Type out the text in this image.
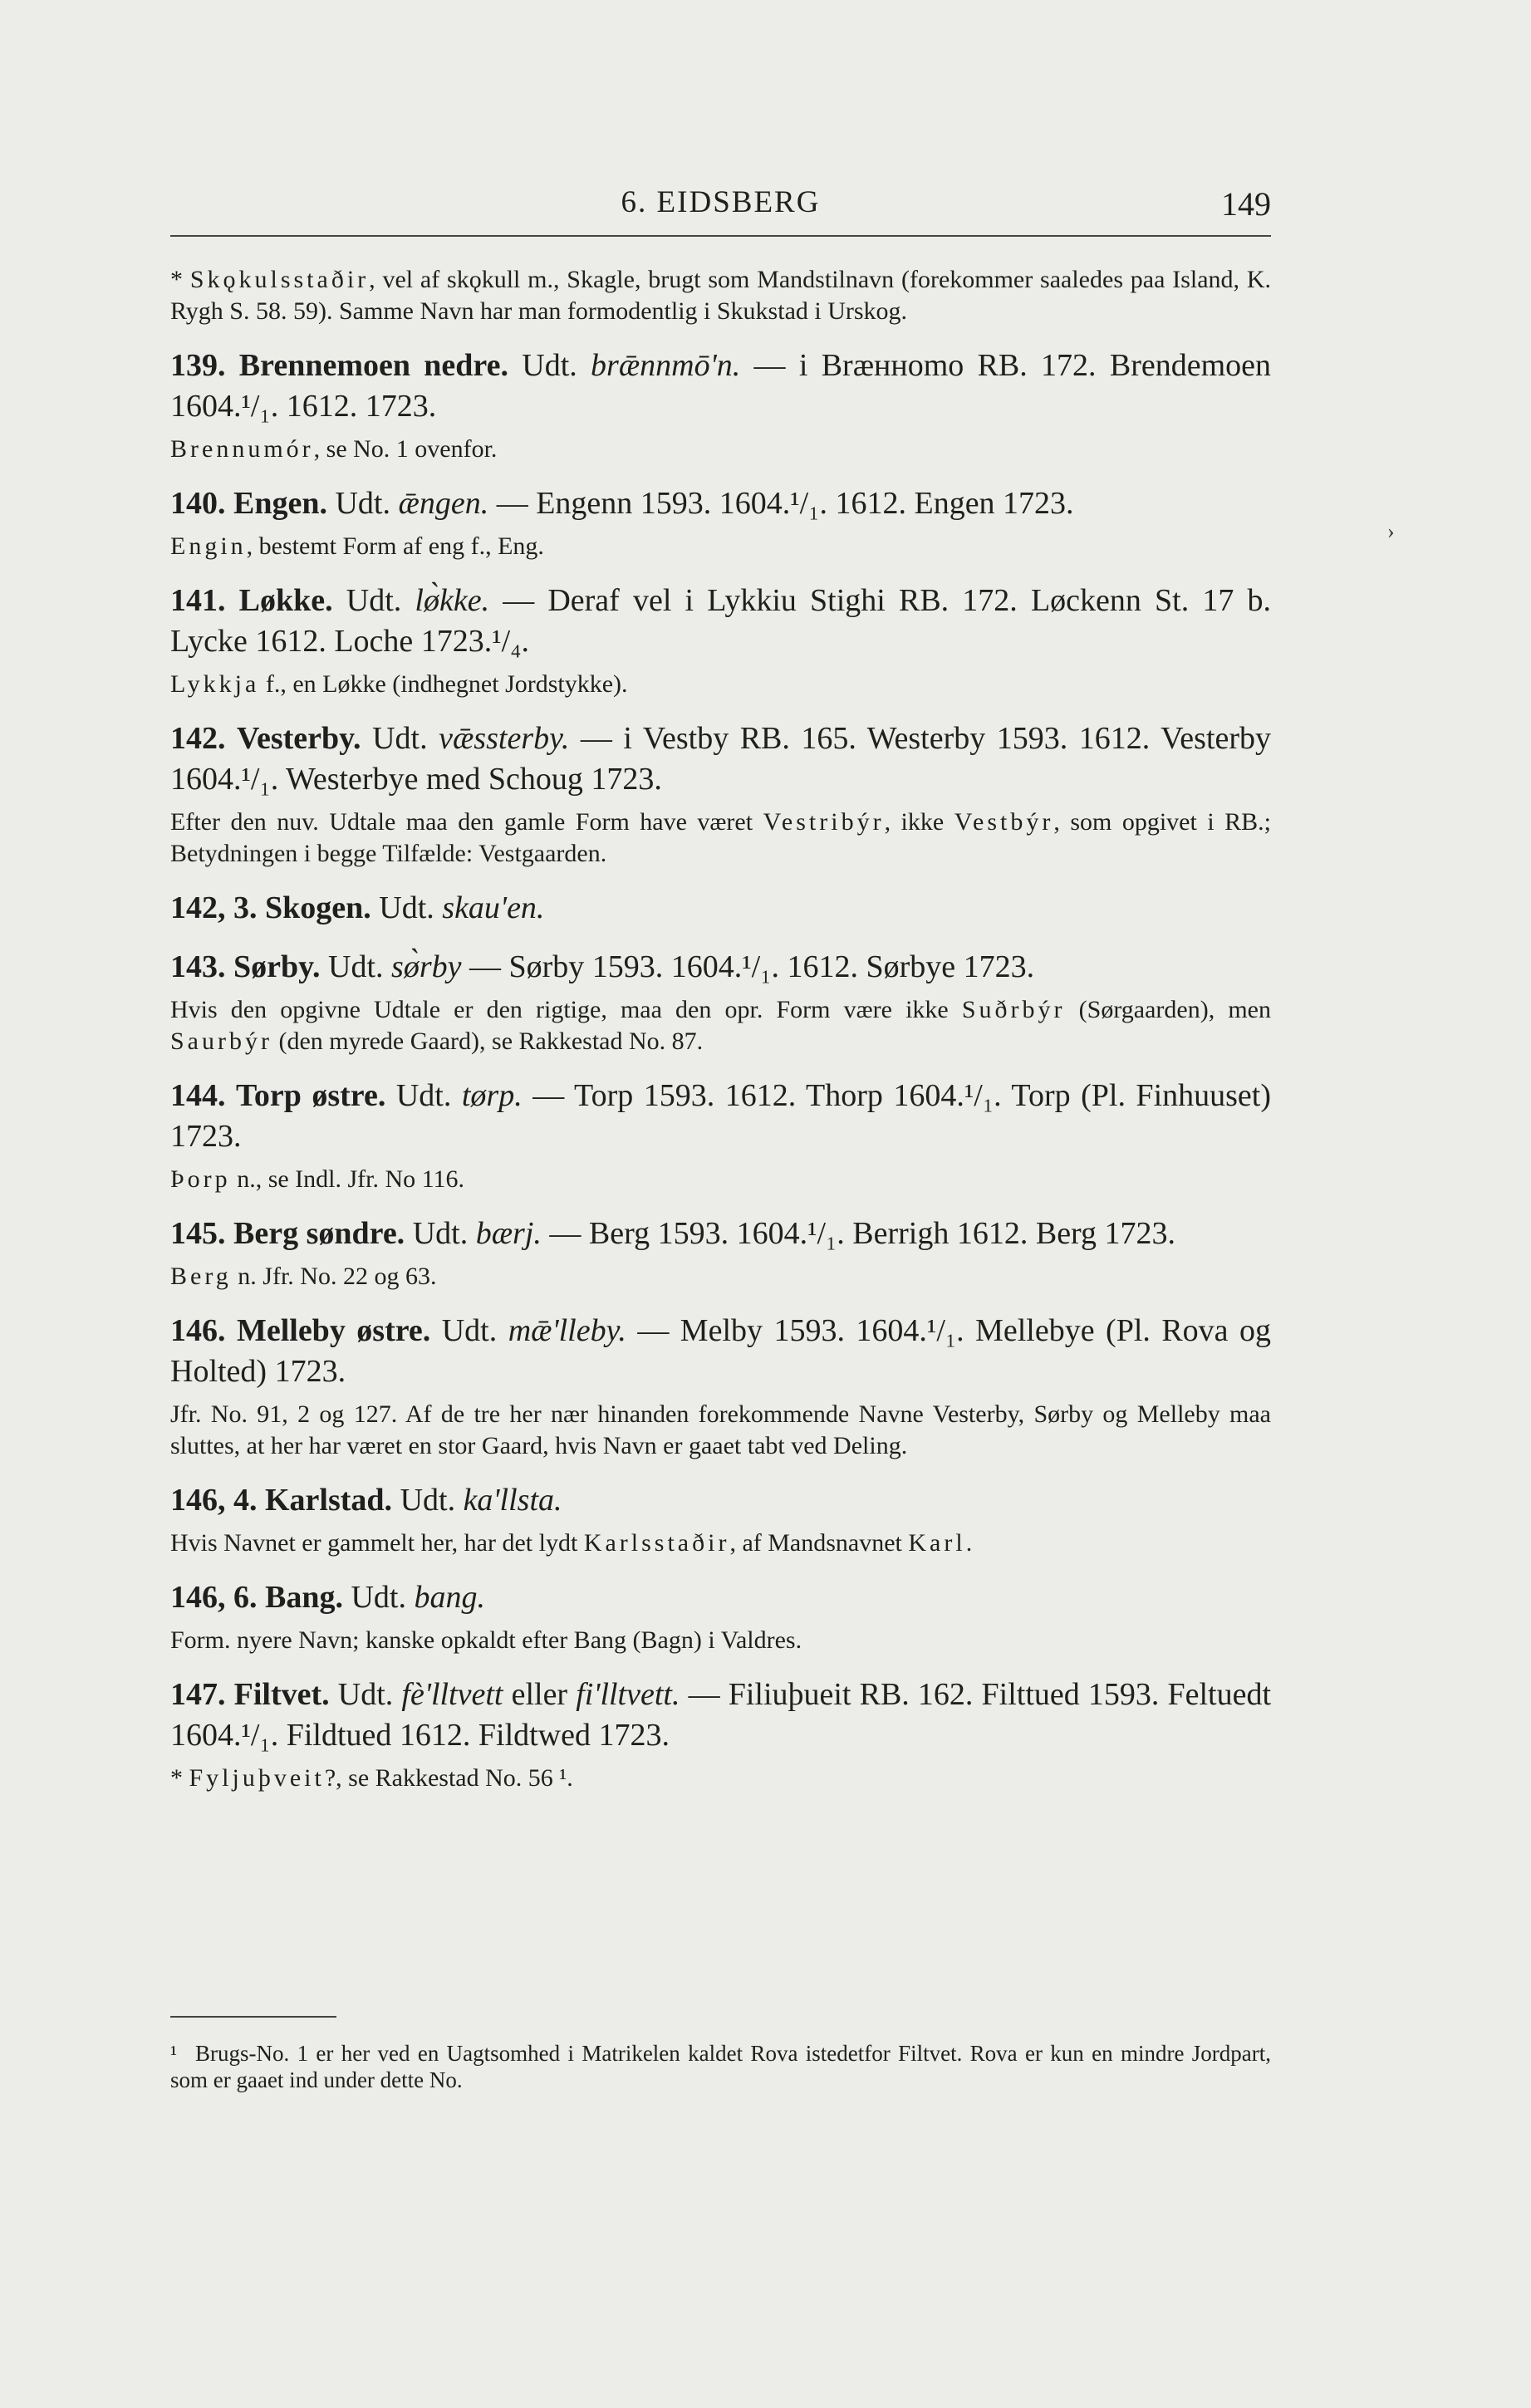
6. EIDSBERG	149
›

* Skǫkulsstaðir, vel af skǫkull m., Skagle, brugt som Mandstilnavn (forekommer saaledes paa Island, K. Rygh S. 58. 59). Samme Navn har man formodentlig i Skukstad i Urskog.

139. Brennemoen nedre. Udt. brǣnnmō'n. — i Bræннomo RB. 172. Brendemoen 1604.¹/₁. 1612. 1723.

Brennumór, se No. 1 ovenfor.

140. Engen. Udt. ǣngen. — Engenn 1593. 1604.¹/₁. 1612. Engen 1723.

Engin, bestemt Form af eng f., Eng.

141. Løkke. Udt. lø̀kke. — Deraf vel i Lykkiu Stighi RB. 172. Løckenn St. 17 b. Lycke 1612. Loche 1723.¹/₄.

Lykkja f., en Løkke (indhegnet Jordstykke).

142. Vesterby. Udt. vǣssterby. — i Vestby RB. 165. Westerby 1593. 1612. Vesterby 1604.¹/₁. Westerbye med Schoug 1723.

Efter den nuv. Udtale maa den gamle Form have været Vestribýr, ikke Vestbýr, som opgivet i RB.; Betydningen i begge Tilfælde: Vestgaarden.

142, 3. Skogen. Udt. skau'en.

143. Sørby. Udt. sø̀rby — Sørby 1593. 1604.¹/₁. 1612. Sørbye 1723.

Hvis den opgivne Udtale er den rigtige, maa den opr. Form være ikke Suðrbýr (Sørgaarden), men Saurbýr (den myrede Gaard), se Rakkestad No. 87.

144. Torp østre. Udt. tørp. — Torp 1593. 1612. Thorp 1604.¹/₁. Torp (Pl. Finhuuset) 1723.

Þorp n., se Indl. Jfr. No 116.

145. Berg søndre. Udt. bærj. — Berg 1593. 1604.¹/₁. Berrigh 1612. Berg 1723.

Berg n. Jfr. No. 22 og 63.

146. Melleby østre. Udt. mǣ'lleby. — Melby 1593. 1604.¹/₁. Mellebye (Pl. Rova og Holted) 1723.

Jfr. No. 91, 2 og 127. Af de tre her nær hinanden forekommende Navne Vesterby, Sørby og Melleby maa sluttes, at her har været en stor Gaard, hvis Navn er gaaet tabt ved Deling.

146, 4. Karlstad. Udt. ka'llsta.

Hvis Navnet er gammelt her, har det lydt Karlsstaðir, af Mandsnavnet Karl.

146, 6. Bang. Udt. bang.

Form. nyere Navn; kanske opkaldt efter Bang (Bagn) i Valdres.

147. Filtvet. Udt. fè'lltvett eller fi'lltvett. — Filiuþueit RB. 162. Filttued 1593. Feltuedt 1604.¹/₁. Fildtued 1612. Fildtwed 1723.

* Fyljuþveit?, se Rakkestad No. 56 ¹.

¹ Brugs-No. 1 er her ved en Uagtsomhed i Matrikelen kaldet Rova istedetfor Filtvet. Rova er kun en mindre Jordpart, som er gaaet ind under dette No.
